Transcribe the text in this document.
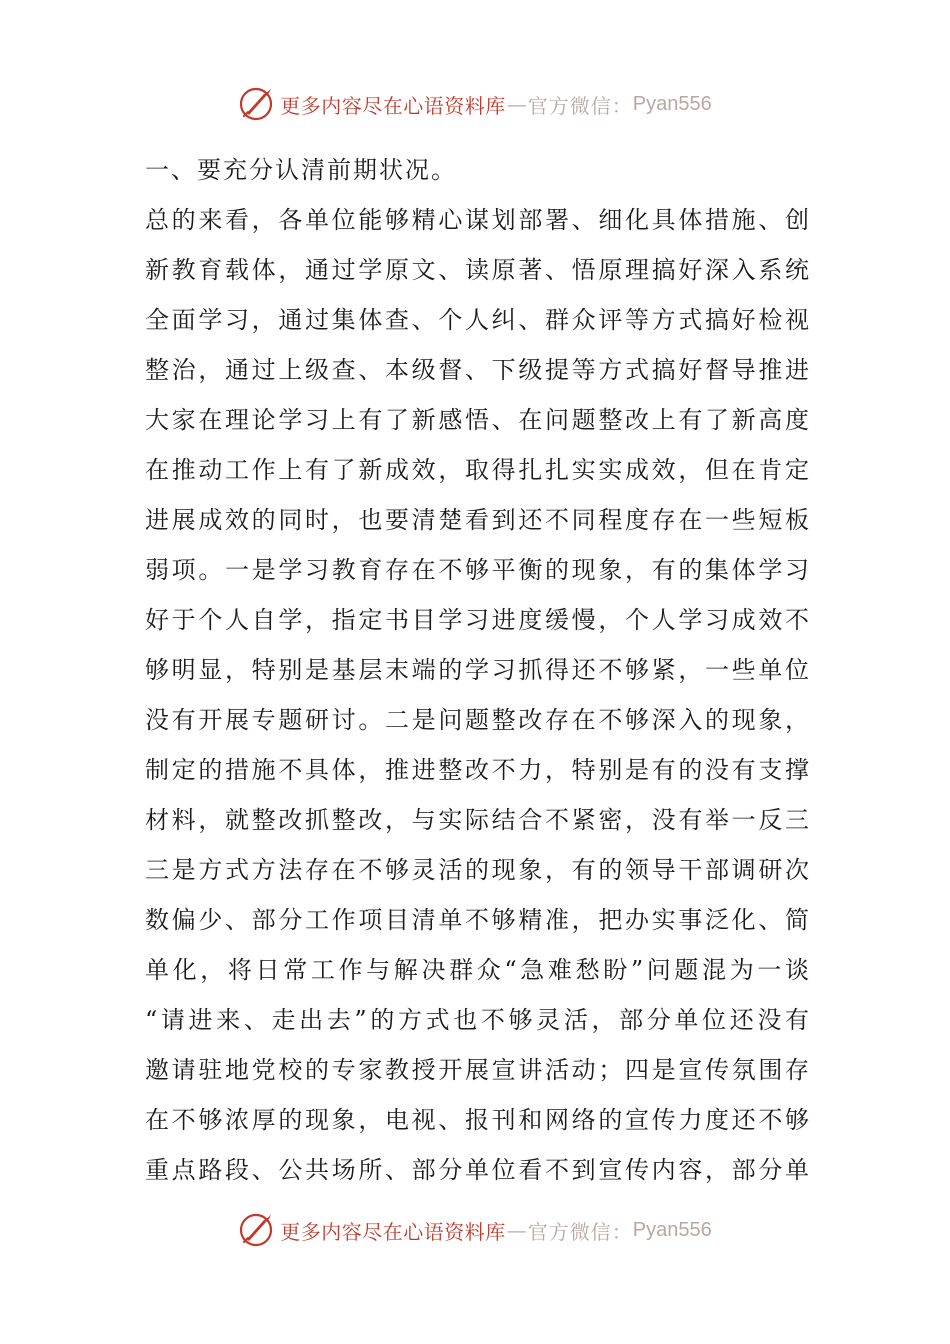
更多内容尽在心语资料库 — 官方微信： Pyan556
一、要充分认清前期状况。
总的来看，各单位能够精心谋划部署、细化具体措施、创
新教育载体，通过学原文、读原著、悟原理搞好深入系统
全面学习，通过集体查、个人纠、群众评等方式搞好检视
整治，通过上级查、本级督、下级提等方式搞好督导推进
大家在理论学习上有了新感悟、在问题整改上有了新高度
在推动工作上有了新成效，取得扎扎实实成效，但在肯定
进展成效的同时，也要清楚看到还不同程度存在一些短板
弱项。一是学习教育存在不够平衡的现象，有的集体学习
好于个人自学，指定书目学习进度缓慢，个人学习成效不
够明显，特别是基层末端的学习抓得还不够紧，一些单位
没有开展专题研讨。二是问题整改存在不够深入的现象，
制定的措施不具体，推进整改不力，特别是有的没有支撑
材料，就整改抓整改，与实际结合不紧密，没有举一反三
三是方式方法存在不够灵活的现象，有的领导干部调研次
数偏少、部分工作项目清单不够精准，把办实事泛化、简
单化，将日常工作与解决群众“急难愁盼”问题混为一谈
“请进来、走出去”的方式也不够灵活，部分单位还没有
邀请驻地党校的专家教授开展宣讲活动；四是宣传氛围存
在不够浓厚的现象，电视、报刊和网络的宣传力度还不够
重点路段、公共场所、部分单位看不到宣传内容，部分单
更多内容尽在心语资料库 — 官方微信： Pyan556
